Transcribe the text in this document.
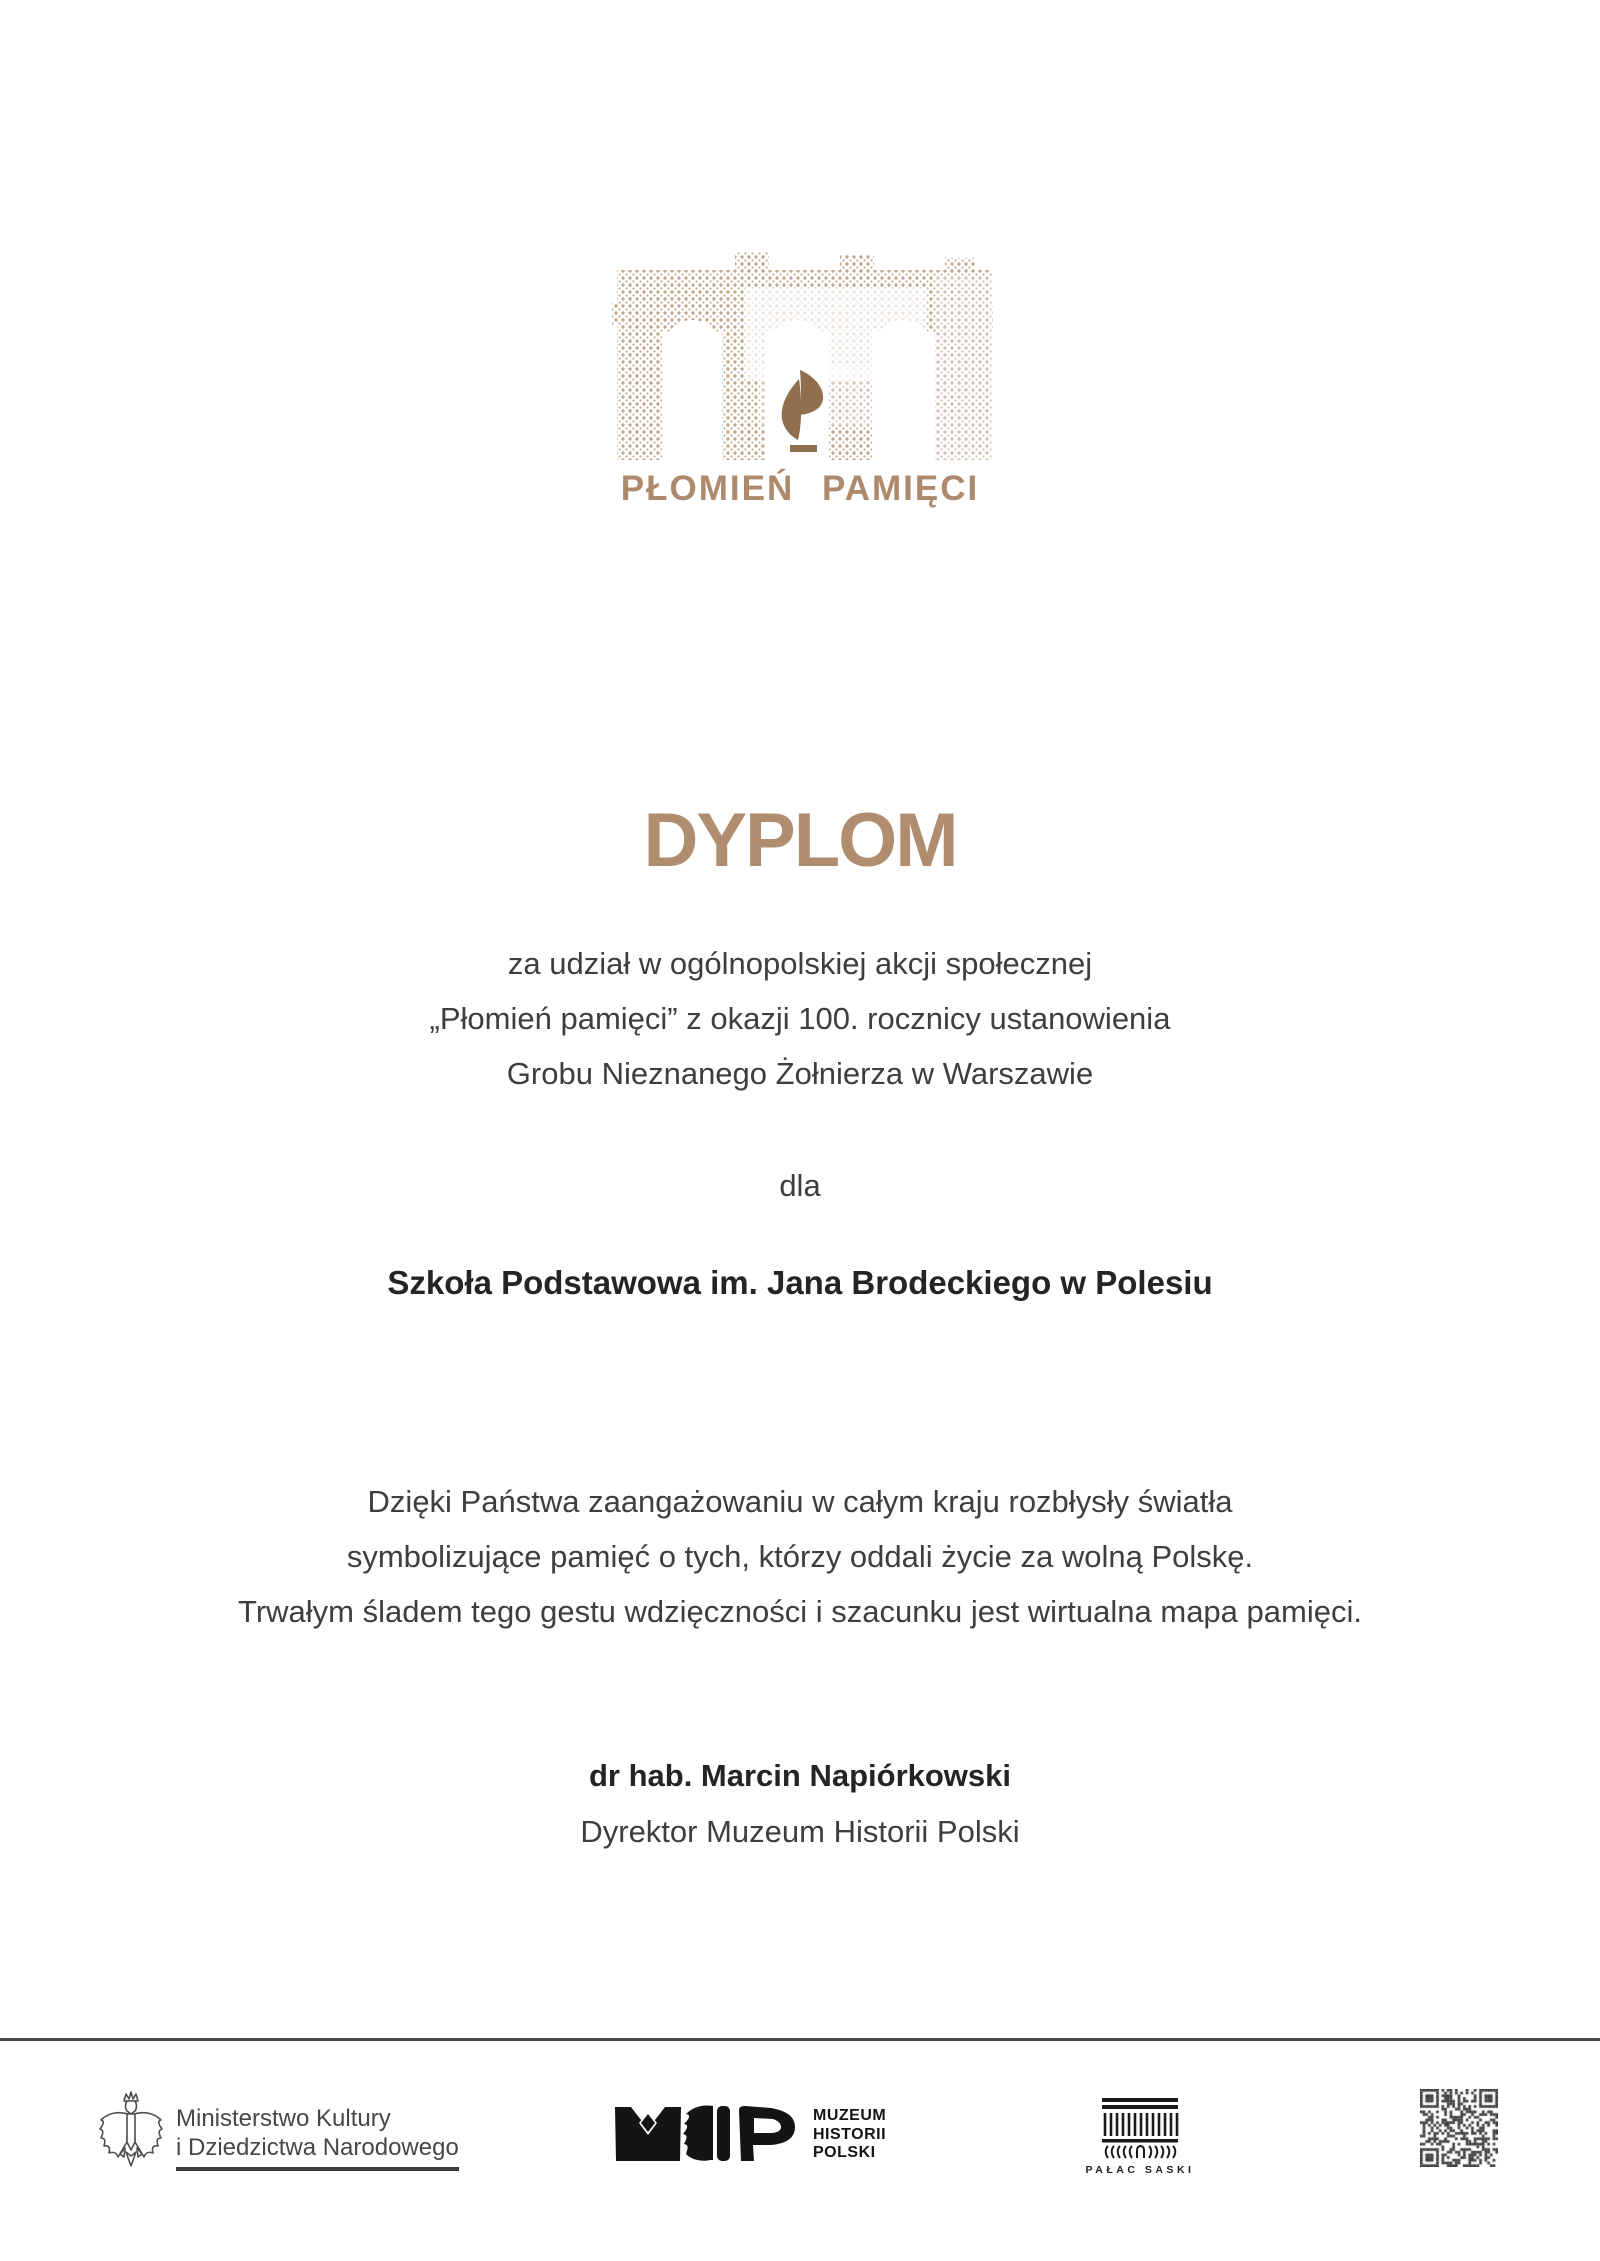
PŁOMIEŃ PAMIĘCI
DYPLOM
za udział w ogólnopolskiej akcji społecznej
„Płomień pamięci” z okazji 100. rocznicy ustanowienia
Grobu Nieznanego Żołnierza w Warszawie
dla
Szkoła Podstawowa im. Jana Brodeckiego w Polesiu
Dzięki Państwa zaangażowaniu w całym kraju rozbłysły światła
symbolizujące pamięć o tych, którzy oddali życie za wolną Polskę.
Trwałym śladem tego gestu wdzięczności i szacunku jest wirtualna mapa pamięci.
dr hab. Marcin Napiórkowski
Dyrektor Muzeum Historii Polski
Ministerstwo Kultury
i Dziedzictwa Narodowego
MUZEUM
HISTORII
POLSKI
PAŁAC SASKI
